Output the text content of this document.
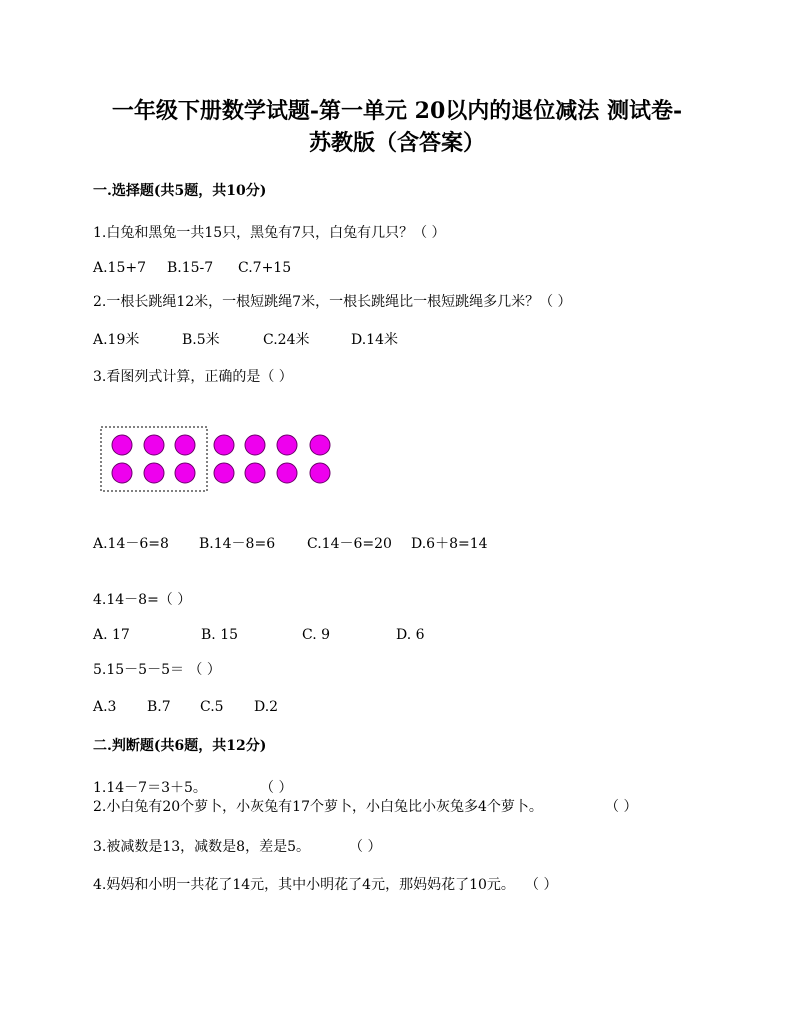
一年级下册数学试题-第一单元 20以内的退位减法 测试卷-
苏教版（含答案）
一.选择题(共5题，共10分)
1.白兔和黑兔一共15只，黑兔有7只，白兔有几只？（ ）
A.15+7 B.15-7 C.7+15
2.一根长跳绳12米，一根短跳绳7米，一根长跳绳比一根短跳绳多几米？（ ）
A.19米	B.5米	C.24米	D.14米
3.看图列式计算，正确的是（ ）
A.14－6=8 B.14－8=6 C.14－6=20 D.6＋8=14
4.14－8=（ ）
A. 17	B. 15	C. 9	D. 6
5.15－5－5＝ （ ）
A.3 B.7 C.5 D.2
二.判断题(共6题，共12分)
1.14－7＝3＋5。	（ ）
2.小白兔有20个萝卜，小灰兔有17个萝卜，小白兔比小灰兔多4个萝卜。	（ ）
3.被减数是13，减数是8，差是5。	（ ）
4.妈妈和小明一共花了14元，其中小明花了4元，那妈妈花了10元。 （ ）
